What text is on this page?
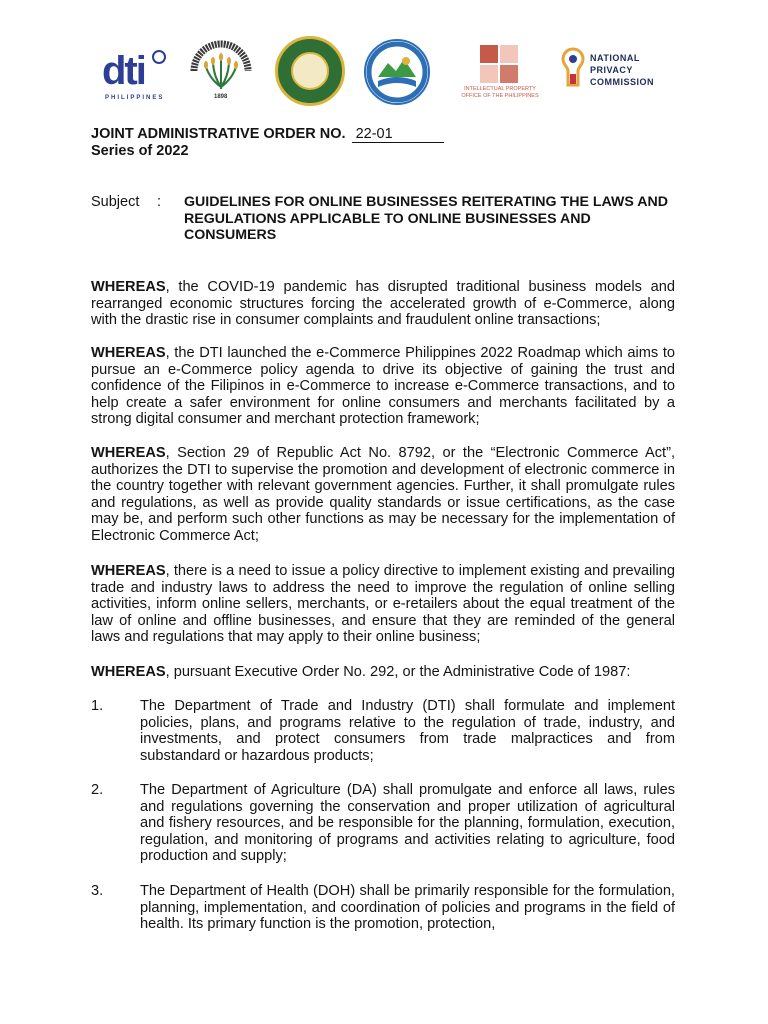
dti
PHILIPPINES	1898
INTELLECTUAL PROPERTY
OFFICE OF THE PHILIPPINES
NATIONAL
PRIVACY
COMMISSION
JOINT ADMINISTRATIVE ORDER NO. 22-01
Series of 2022
Subject : GUIDELINES FOR ONLINE BUSINESSES REITERATING THE LAWS AND REGULATIONS APPLICABLE TO ONLINE BUSINESSES AND CONSUMERS
WHEREAS, the COVID-19 pandemic has disrupted traditional business models and rearranged economic structures forcing the accelerated growth of e-Commerce, along with the drastic rise in consumer complaints and fraudulent online transactions;
WHEREAS, the DTI launched the e-Commerce Philippines 2022 Roadmap which aims to pursue an e-Commerce policy agenda to drive its objective of gaining the trust and confidence of the Filipinos in e-Commerce to increase e-Commerce transactions, and to help create a safer environment for online consumers and merchants facilitated by a strong digital consumer and merchant protection framework;
WHEREAS, Section 29 of Republic Act No. 8792, or the “Electronic Commerce Act”, authorizes the DTI to supervise the promotion and development of electronic commerce in the country together with relevant government agencies. Further, it shall promulgate rules and regulations, as well as provide quality standards or issue certifications, as the case may be, and perform such other functions as may be necessary for the implementation of Electronic Commerce Act;
WHEREAS, there is a need to issue a policy directive to implement existing and prevailing trade and industry laws to address the need to improve the regulation of online selling activities, inform online sellers, merchants, or e-retailers about the equal treatment of the law of online and offline businesses, and ensure that they are reminded of the general laws and regulations that may apply to their online business;
WHEREAS, pursuant Executive Order No. 292, or the Administrative Code of 1987:
1.	The Department of Trade and Industry (DTI) shall formulate and implement policies, plans, and programs relative to the regulation of trade, industry, and investments, and protect consumers from trade malpractices and from substandard or hazardous products;
2.	The Department of Agriculture (DA) shall promulgate and enforce all laws, rules and regulations governing the conservation and proper utilization of agricultural and fishery resources, and be responsible for the planning, formulation, execution, regulation, and monitoring of programs and activities relating to agriculture, food production and supply;
3.	The Department of Health (DOH) shall be primarily responsible for the formulation, planning, implementation, and coordination of policies and programs in the field of health. Its primary function is the promotion, protection,
